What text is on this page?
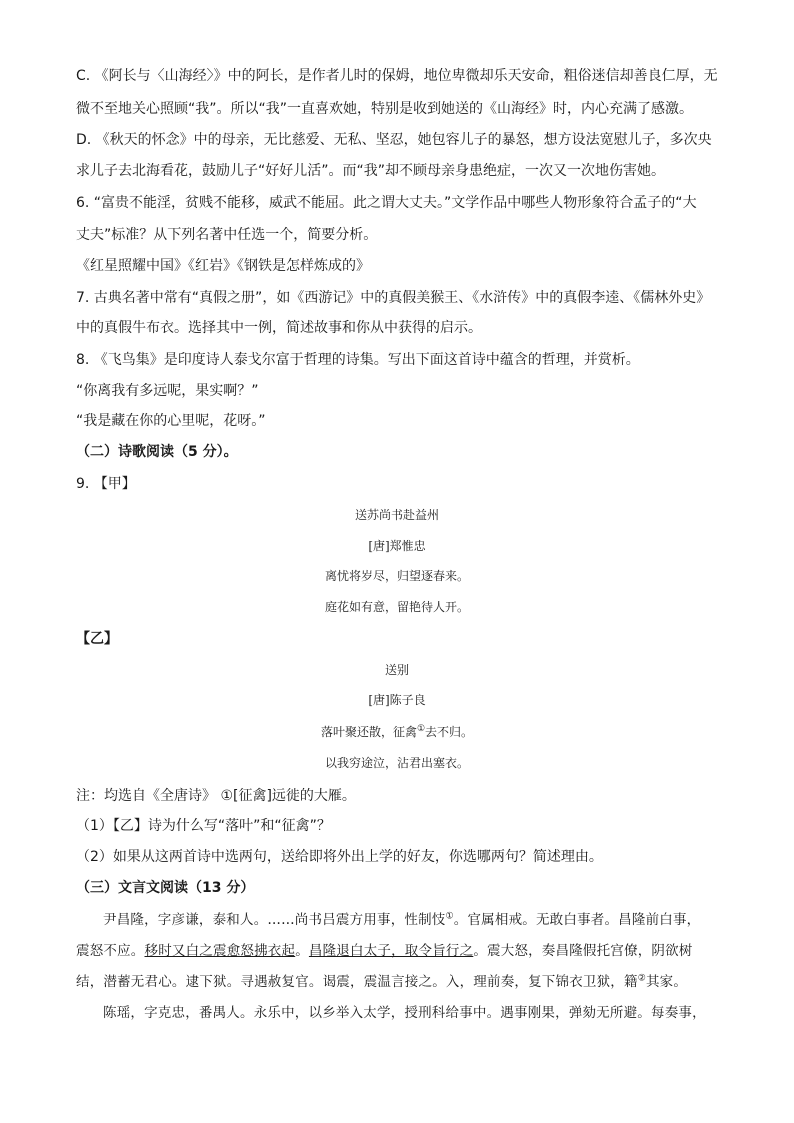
C. 《阿长与〈山海经〉》中的阿长，是作者儿时的保姆，地位卑微却乐天安命，粗俗迷信却善良仁厚，无
微不至地关心照顾“我”。所以“我”一直喜欢她，特别是收到她送的《山海经》时，内心充满了感激。
D. 《秋天的怀念》中的母亲，无比慈爱、无私、坚忍，她包容儿子的暴怒，想方设法宽慰儿子，多次央
求儿子去北海看花，鼓励儿子“好好儿活”。而“我”却不顾母亲身患绝症，一次又一次地伤害她。
6. “富贵不能淫，贫贱不能移，威武不能屈。此之谓大丈夫。”文学作品中哪些人物形象符合孟子的“大
丈夫”标准？从下列名著中任选一个，简要分析。
《红星照耀中国》《红岩》《钢铁是怎样炼成的》
7. 古典名著中常有“真假之册”，如《西游记》中的真假美猴王、《水浒传》中的真假李逵、《儒林外史》
中的真假牛布衣。选择其中一例，简述故事和你从中获得的启示。
8. 《飞鸟集》是印度诗人泰戈尔富于哲理的诗集。写出下面这首诗中蕴含的哲理，并赏析。
“你离我有多远呢，果实啊？”
“我是藏在你的心里呢，花呀。”
（二）诗歌阅读（5 分）。
9. 【甲】
送苏尚书赴益州
[唐]郑惟忠
离忧将岁尽，归望逐春来。
庭花如有意，留艳待人开。
【乙】
送别
[唐]陈子良
落叶聚还散，征禽①去不归。
以我穷途泣，沾君出塞衣。
注：均选自《全唐诗》 ①[征禽]远徙的大雁。
（1）【乙】诗为什么写“落叶”和“征禽”？
（2）如果从这两首诗中选两句，送给即将外出上学的好友，你选哪两句？简述理由。
（三）文言文阅读（13 分）
尹昌隆，字彦谦，泰和人。……尚书吕震方用事，性制忮①。官属相戒。无敢白事者。昌隆前白事，
震怒不应。移时又白之震愈怒拂衣起。昌隆退白太子，取令旨行之。震大怒，奏昌隆假托宫僚，阴欲树
结，潜蓄无君心。逮下狱。寻遇赦复官。谒震，震温言接之。入，理前奏，复下锦衣卫狱，籍②其家。
陈瑶，字克忠，番禺人。永乐中，以乡举入太学，授刑科给事中。遇事刚果，弹劾无所避。每奏事，
